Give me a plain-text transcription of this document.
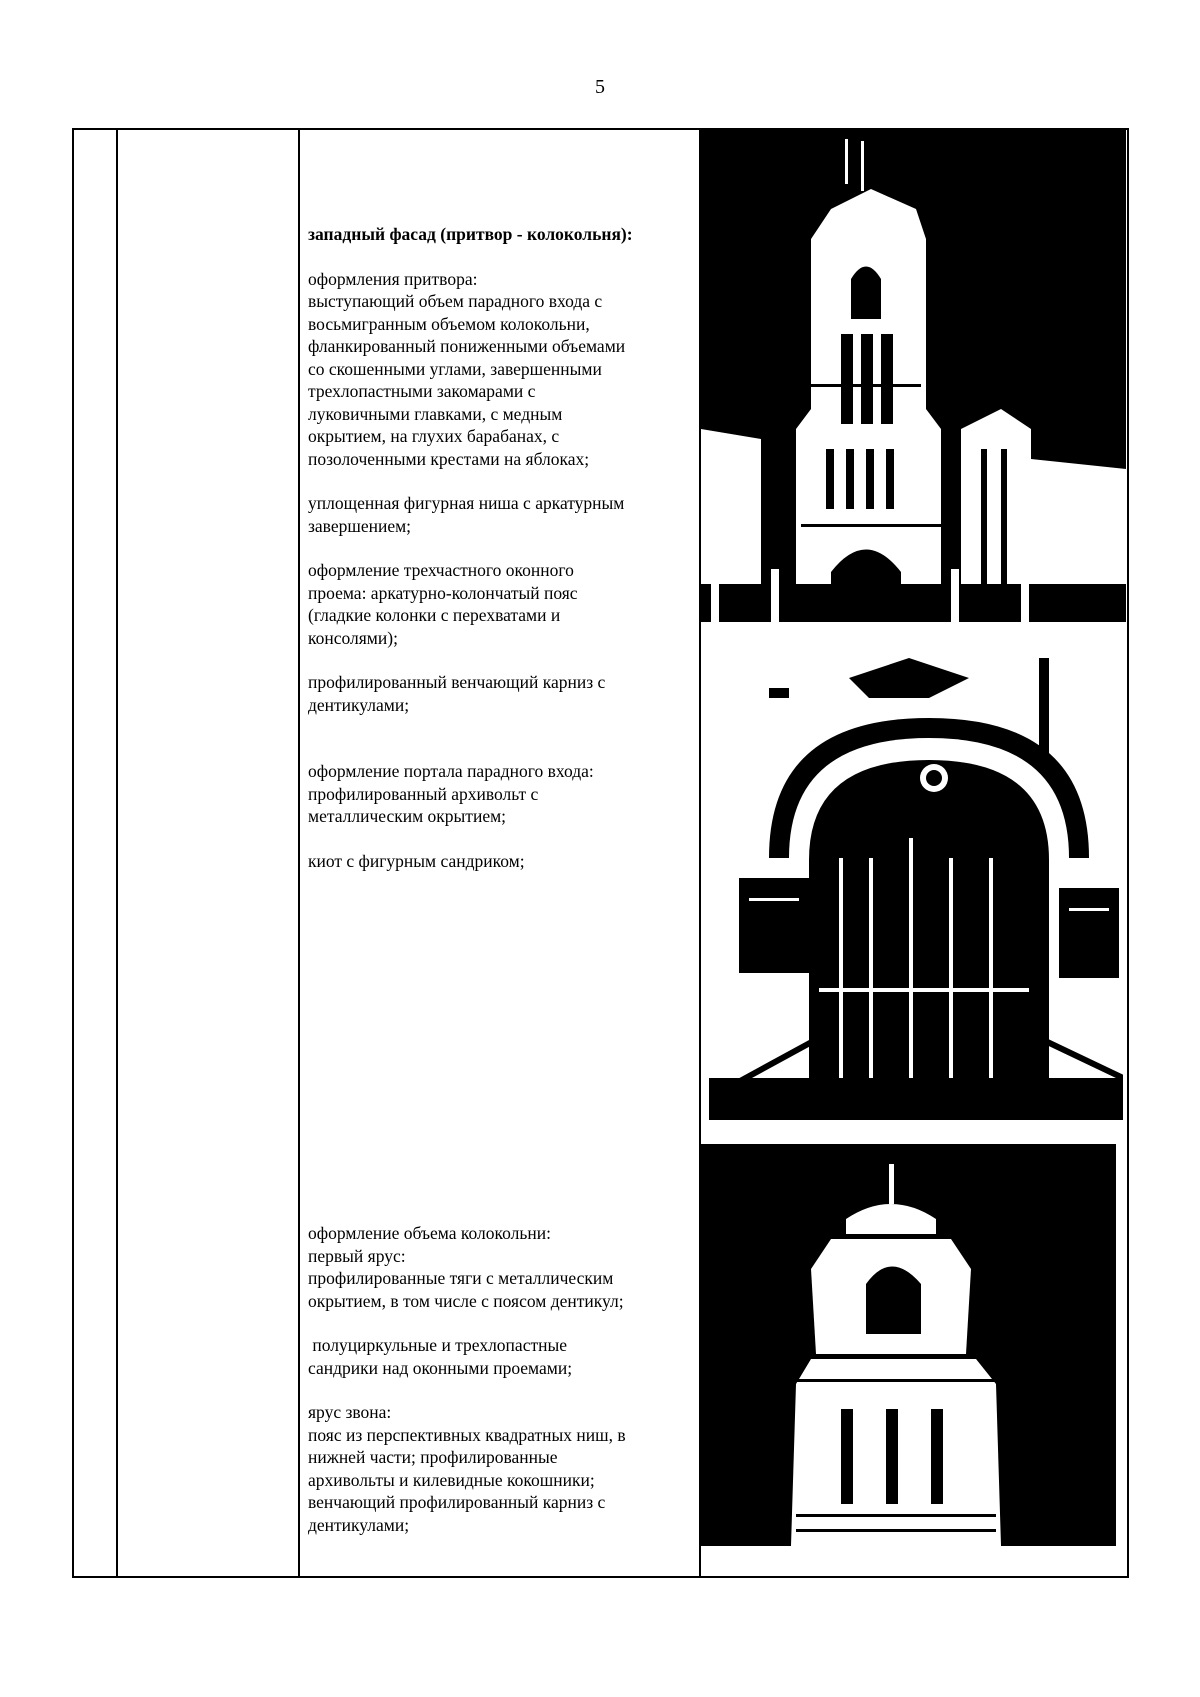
5

западный фасад (притвор - колокольня):

оформления притвора:

выступающий объем парадного входа с

восьмигранным объемом колокольни,

фланкированный пониженными объемами

со скошенными углами, завершенными

трехлопастными закомарами с

луковичными главками, с медным

окрытием, на глухих барабанах, с

позолоченными крестами на яблоках;

уплощенная фигурная ниша с аркатурным

завершением;

оформление трехчастного оконного

проема: аркатурно-колончатый пояс

(гладкие колонки с перехватами и

консолями);

профилированный венчающий карниз с

дентикулами;

оформление портала парадного входа:

профилированный архивольт с

металлическим окрытием;

киот с фигурным сандриком;

оформление объема колокольни:

первый ярус:

профилированные тяги с металлическим

окрытием, в том числе с поясом дентикул;

полуциркульные и трехлопастные

сандрики над оконными проемами;

ярус звона:

пояс из перспективных квадратных ниш, в

нижней части; профилированные

архивольты и килевидные кокошники;

венчающий профилированный карниз с

дентикулами;
